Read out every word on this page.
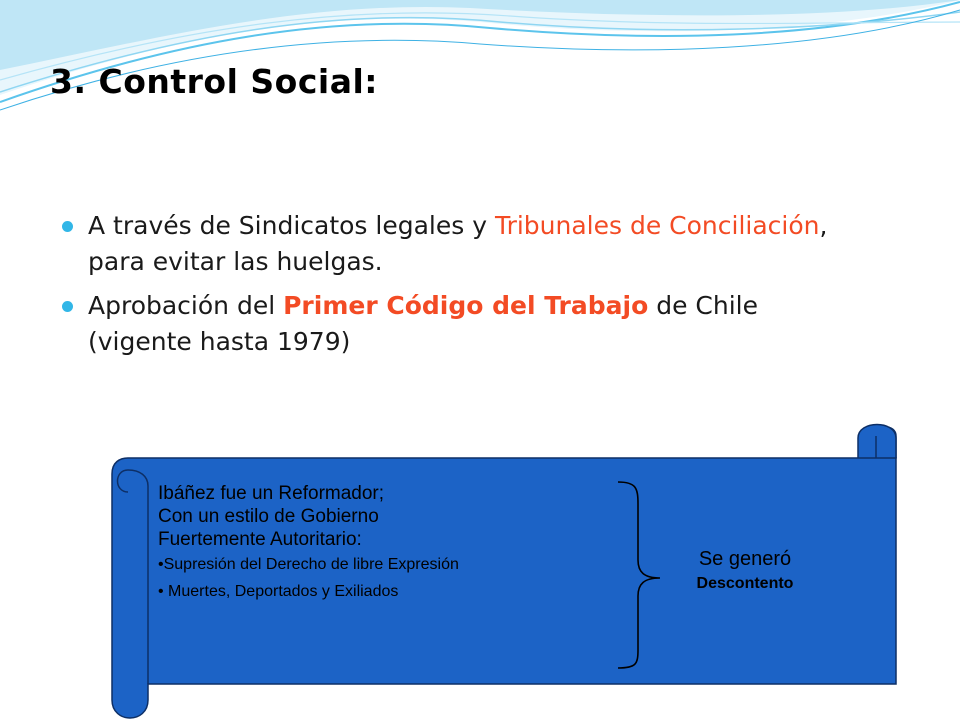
3. Control Social:
A través de Sindicatos legales y Tribunales de Conciliación, para evitar las huelgas.
Aprobación del Primer Código del Trabajo de Chile (vigente hasta 1979)
Ibáñez fue un Reformador;
Con un estilo de Gobierno
Fuertemente Autoritario:
•Supresión del Derecho de libre Expresión
• Muertes, Deportados y Exiliados
Se generó
Descontento
